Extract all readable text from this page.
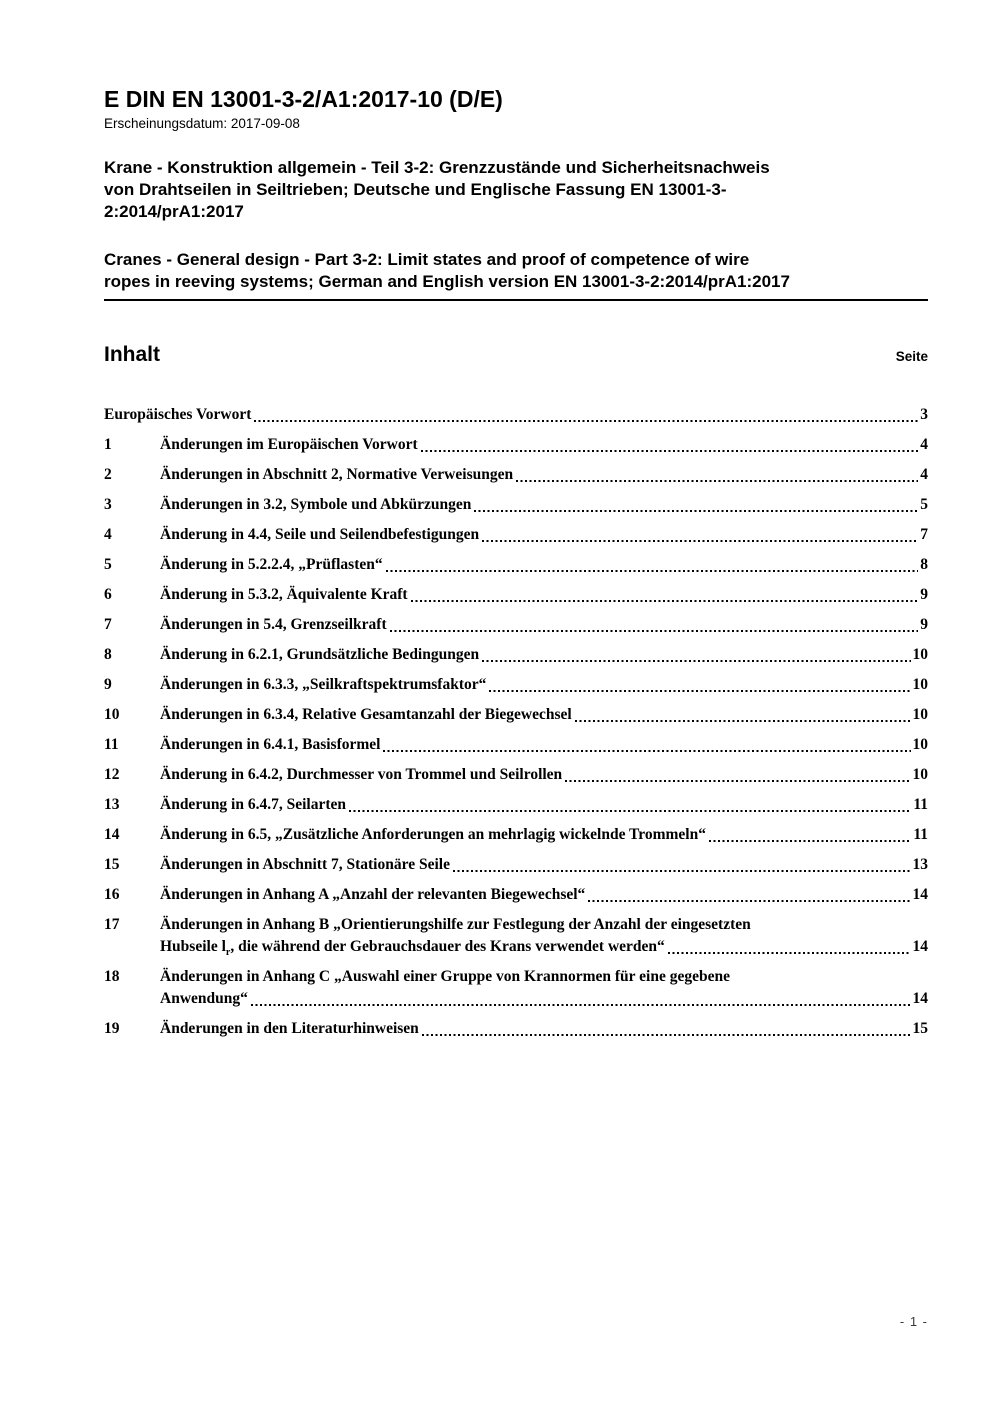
E DIN EN 13001-3-2/A1:2017-10 (D/E)
Erscheinungsdatum: 2017-09-08
Krane - Konstruktion allgemein - Teil 3-2: Grenzzustände und Sicherheitsnachweis
von Drahtseilen in Seiltrieben; Deutsche und Englische Fassung EN 13001-3-
2:2014/prA1:2017
Cranes - General design - Part 3-2: Limit states and proof of competence of wire
ropes in reeving systems; German and English version EN 13001-3-2:2014/prA1:2017
Inhalt	Seite
Europäisches Vorwort	3
1	Änderungen im Europäischen Vorwort	4
2	Änderungen in Abschnitt 2, Normative Verweisungen	4
3	Änderungen in 3.2, Symbole und Abkürzungen	5
4	Änderung in 4.4, Seile und Seilendbefestigungen	7
5	Änderung in 5.2.2.4, „Prüflasten“	8
6	Änderung in 5.3.2, Äquivalente Kraft	9
7	Änderungen in 5.4, Grenzseilkraft	9
8	Änderung in 6.2.1, Grundsätzliche Bedingungen	10
9	Änderungen in 6.3.3, „Seilkraftspektrumsfaktor“	10
10	Änderungen in 6.3.4, Relative Gesamtanzahl der Biegewechsel	10
11	Änderungen in 6.4.1, Basisformel	10
12	Änderung in 6.4.2, Durchmesser von Trommel und Seilrollen	10
13	Änderung in 6.4.7, Seilarten	11
14	Änderung in 6.5, „Zusätzliche Anforderungen an mehrlagig wickelnde Trommeln“	11
15	Änderungen in Abschnitt 7, Stationäre Seile	13
16	Änderungen in Anhang A „Anzahl der relevanten Biegewechsel“	14
17	Änderungen in Anhang B „Orientierungshilfe zur Festlegung der Anzahl der eingesetzten
Hubseile $l_r$, die während der Gebrauchsdauer des Krans verwendet werden“	14
18	Änderungen in Anhang C „Auswahl einer Gruppe von Krannormen für eine gegebene
Anwendung“	14
19	Änderungen in den Literaturhinweisen	15
- 1 -
